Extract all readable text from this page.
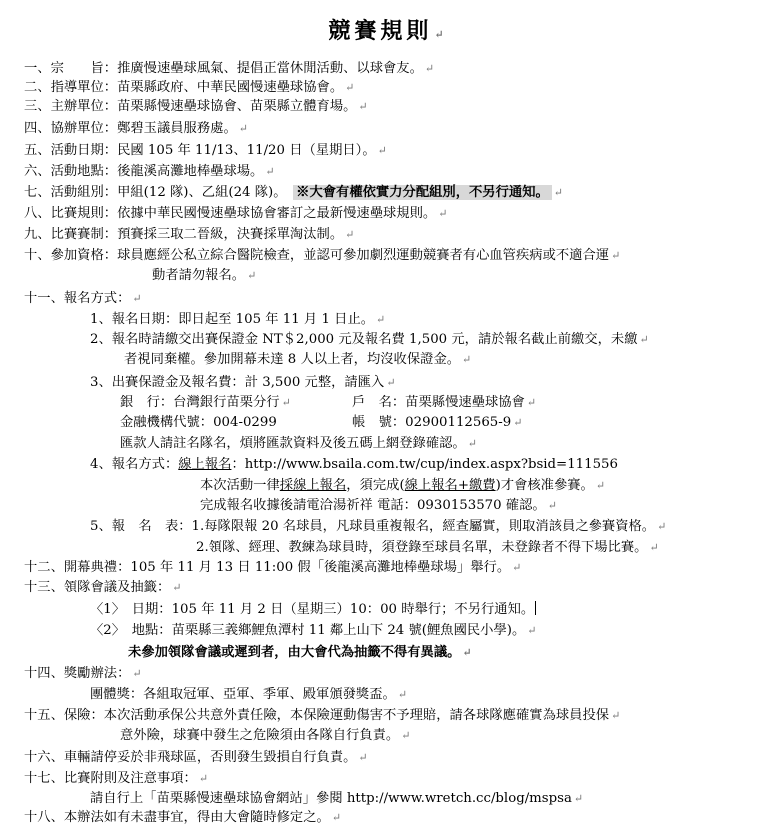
競賽規則 ↵
一、宗　　旨：推廣慢速壘球風氣、提倡正當休閒活動、以球會友。 ↵
二、指導單位：苗栗縣政府、中華民國慢速壘球協會。 ↵
三、主辦單位：苗栗縣慢速壘球協會、苗栗縣立體育場。 ↵
四、協辦單位：鄭碧玉議員服務處。 ↵
五、活動日期：民國 105 年 11/13、11/20 日（星期日）。 ↵
六、活動地點：後龍溪高灘地棒壘球場。 ↵
七、活動組別：甲組(12 隊)、乙組(24 隊)。　 ※大會有權依實力分配組別，不另行通知。 ↵
八、比賽規則：依據中華民國慢速壘球協會審訂之最新慢速壘球規則。 ↵
九、比賽賽制：預賽採三取二晉級，決賽採單淘汰制。 ↵
十、參加資格：球員應經公私立綜合醫院檢查，並認可參加劇烈運動競賽者有心血管疾病或不適合運 ↵
動者請勿報名。 ↵
十一、報名方式： ↵
1、報名日期：即日起至 105 年 11 月 1 日止。 ↵
2、報名時請繳交出賽保證金 NT＄2,000 元及報名費 1,500 元，請於報名截止前繳交，未繳 ↵
者視同棄權。參加開幕未達 8 人以上者，均沒收保證金。 ↵
3、出賽保證金及報名費：計 3,500 元整，請匯入 ↵
銀　行：台灣銀行苗栗分行 ↵	戶　名：苗栗縣慢速壘球協會 ↵
金融機構代號：004-0299	帳　號：02900112565-9 ↵
匯款人請註名隊名，煩將匯款資料及後五碼上網登錄確認。 ↵
4、報名方式：線上報名：http://www.bsaila.com.tw/cup/index.aspx?bsid=111556
本次活動一律採線上報名，須完成(線上報名+繳費)才會核准參賽。 ↵
完成報名收據後請電洽湯祈祥 電話：0930153570 確認。 ↵
5、報　名　表：1.每隊限報 20 名球員，凡球員重複報名，經查屬實，則取消該員之參賽資格。 ↵
2.領隊、經理、教練為球員時，須登錄至球員名單，未登錄者不得下場比賽。 ↵
十二、開幕典禮：105 年 11 月 13 日 11:00 假「後龍溪高灘地棒壘球場」舉行。 ↵
十三、領隊會議及抽籤： ↵
〈1〉　日期：105 年 11 月 2 日（星期三）10：00 時舉行；不另行通知。
〈2〉　地點：苗栗縣三義鄉鯉魚潭村 11 鄰上山下 24 號(鯉魚國民小學)。 ↵
未參加領隊會議或遲到者，由大會代為抽籤不得有異議。 ↵
十四、獎勵辦法： ↵
團體獎：各組取冠軍、亞軍、季軍、殿軍頒發獎盃。 ↵
十五、保險：本次活動承保公共意外責任險，本保險運動傷害不予理賠，請各球隊應確實為球員投保 ↵
意外險，球賽中發生之危險須由各隊自行負責。 ↵
十六、車輛請停妥於非飛球區，否則發生毀損自行負責。 ↵
十七、比賽附則及注意事項： ↵
請自行上「苗栗縣慢速壘球協會網站」參閱 http://www.wretch.cc/blog/mspsa ↵
十八、本辦法如有未盡事宜，得由大會隨時修定之。 ↵
